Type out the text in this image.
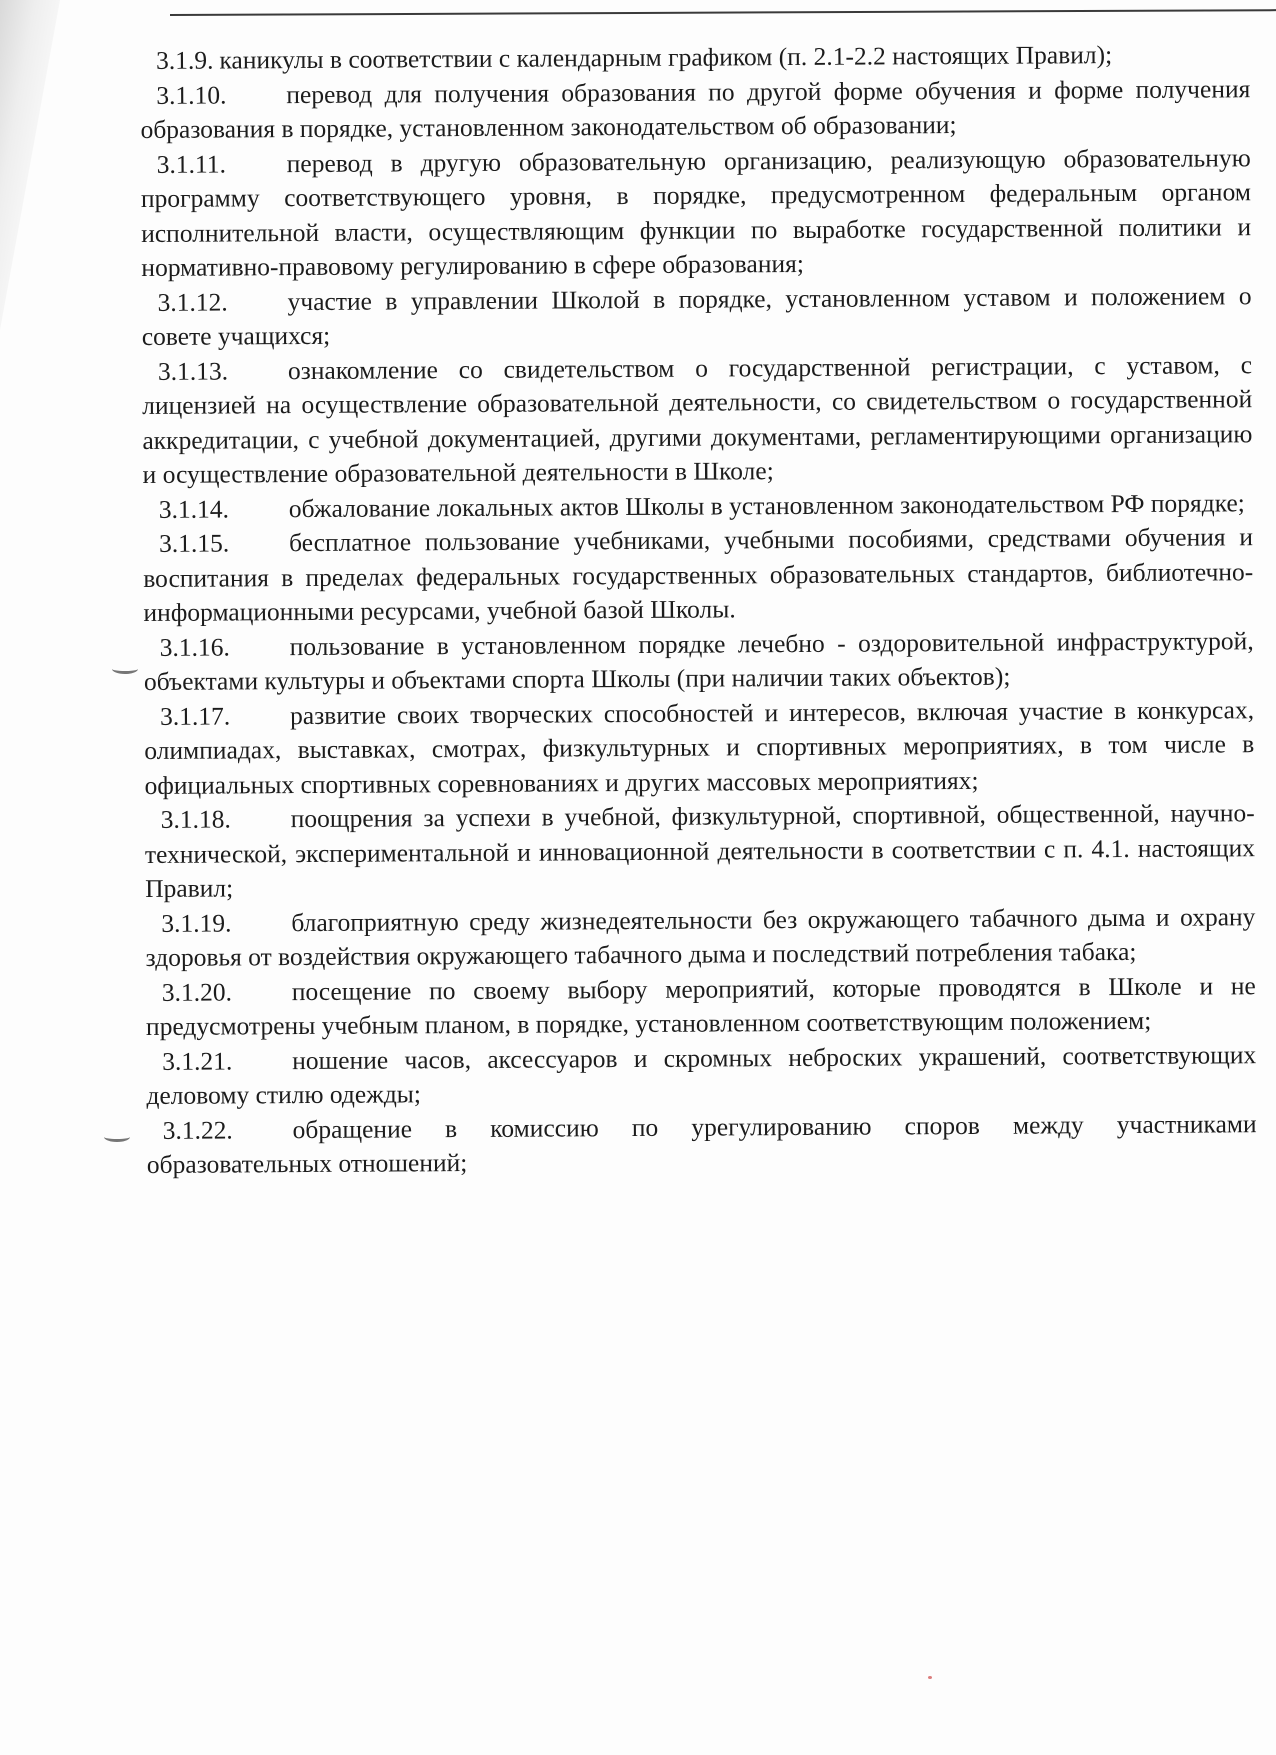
3.1.9. каникулы в соответствии с календарным графиком (п. 2.1-2.2 настоящих Правил);

3.1.10. перевод для получения образования по другой форме обучения и форме получения образования в порядке, установленном законодательством об образовании;

3.1.11. перевод в другую образовательную организацию, реализующую образовательную программу соответствующего уровня, в порядке, предусмотренном федеральным органом исполнительной власти, осуществляющим функции по выработке государственной политики и нормативно-правовому регулированию в сфере образования;

3.1.12. участие в управлении Школой в порядке, установленном уставом и положением о совете учащихся;

3.1.13. ознакомление со свидетельством о государственной регистрации, с уставом, с лицензией на осуществление образовательной деятельности, со свидетельством о государственной аккредитации, с учебной документацией, другими документами, регламентирующими организацию и осуществление образовательной деятельности в Школе;

3.1.14. обжалование локальных актов Школы в установленном законодательством РФ порядке;

3.1.15. бесплатное пользование учебниками, учебными пособиями, средствами обучения и воспитания в пределах федеральных государственных образовательных стандартов, библиотечно-информационными ресурсами, учебной базой Школы.

3.1.16. пользование в установленном порядке лечебно - оздоровительной инфраструктурой, объектами культуры и объектами спорта Школы (при наличии таких объектов);

3.1.17. развитие своих творческих способностей и интересов, включая участие в конкурсах, олимпиадах, выставках, смотрах, физкультурных и спортивных мероприятиях, в том числе в официальных спортивных соревнованиях и других массовых мероприятиях;

3.1.18. поощрения за успехи в учебной, физкультурной, спортивной, общественной, научно-технической, экспериментальной и инновационной деятельности в соответствии с п. 4.1. настоящих Правил;

3.1.19. благоприятную среду жизнедеятельности без окружающего табачного дыма и охрану здоровья от воздействия окружающего табачного дыма и последствий потребления табака;

3.1.20. посещение по своему выбору мероприятий, которые проводятся в Школе и не предусмотрены учебным планом, в порядке, установленном соответствующим положением;

3.1.21. ношение часов, аксессуаров и скромных неброских украшений, соответствующих деловому стилю одежды;

3.1.22. обращение в комиссию по урегулированию споров между участниками образовательных отношений;
